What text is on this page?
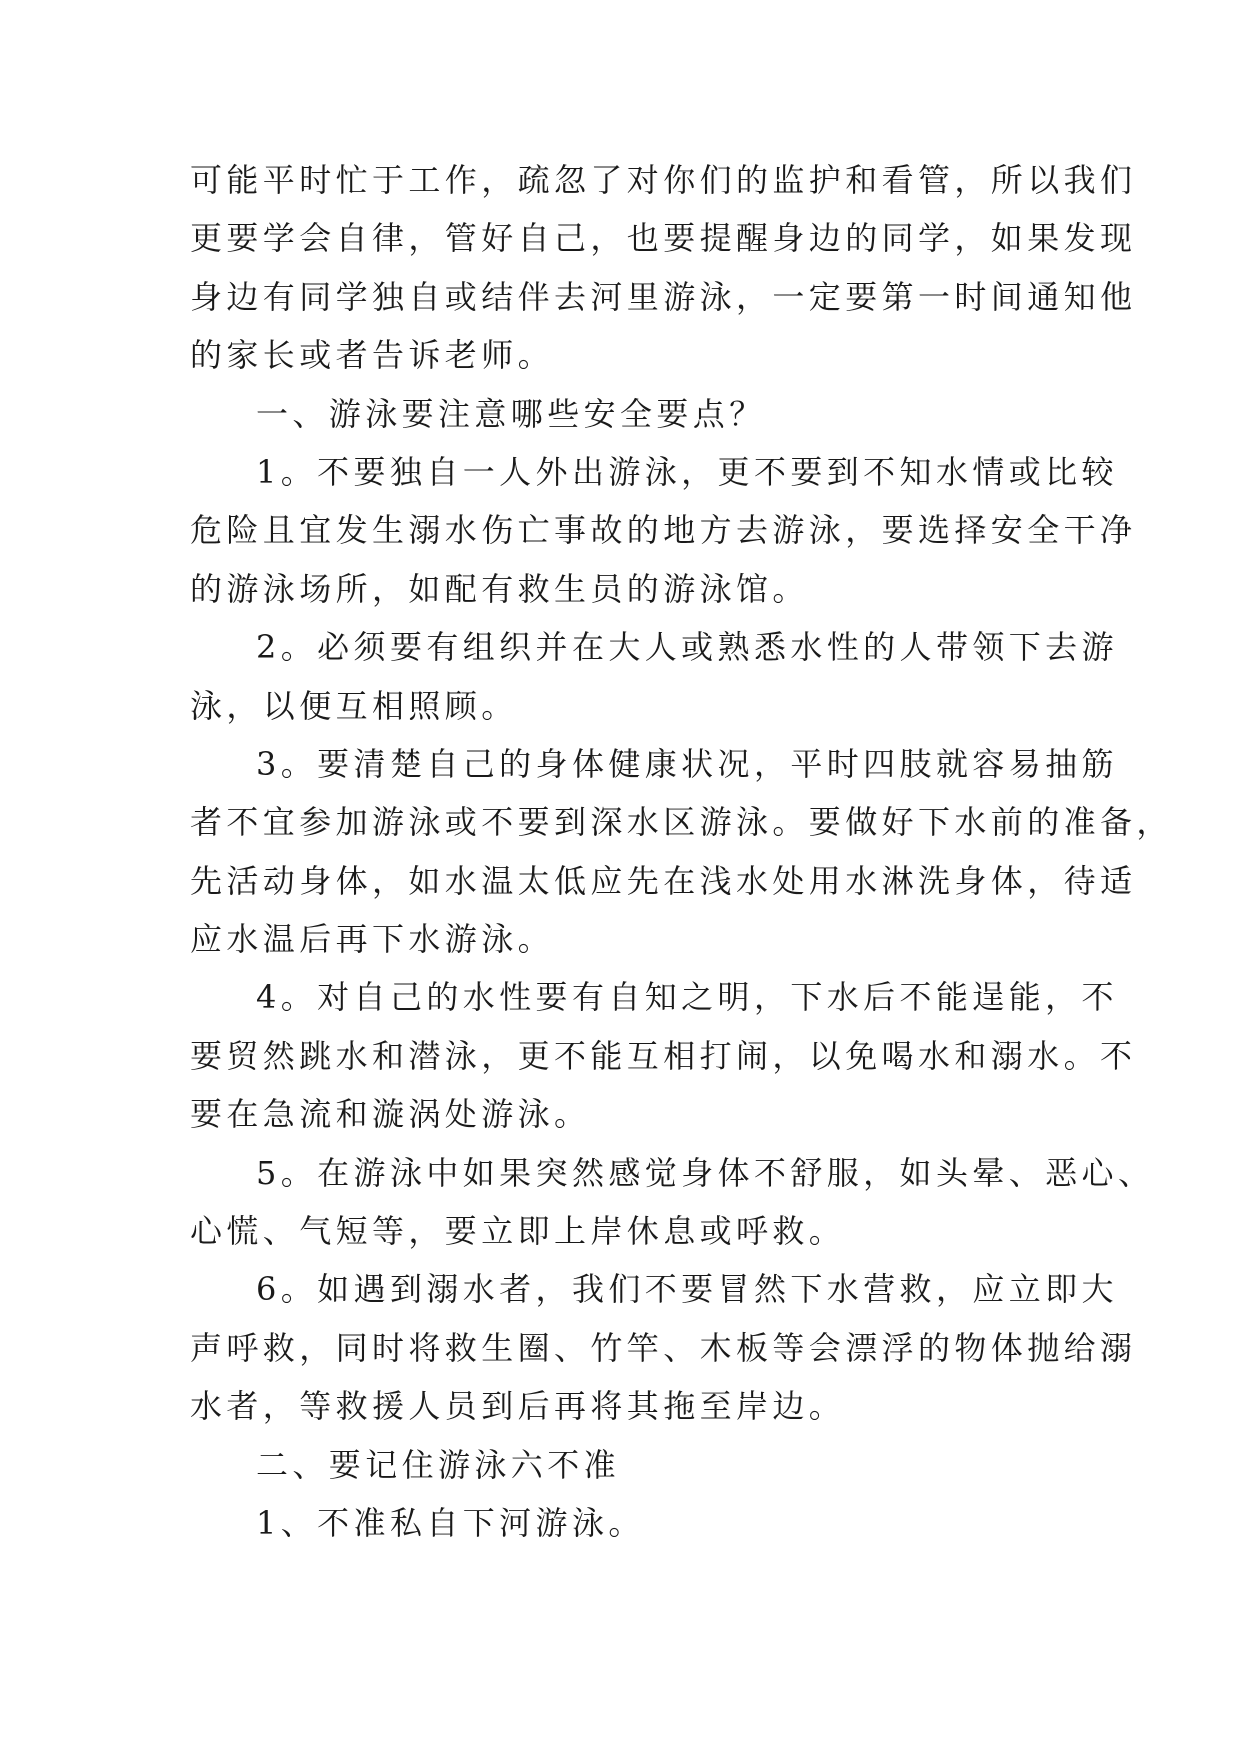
可能平时忙于工作，疏忽了对你们的监护和看管，所以我们
更要学会自律，管好自己，也要提醒身边的同学，如果发现
身边有同学独自或结伴去河里游泳，一定要第一时间通知他
的家长或者告诉老师。
一、游泳要注意哪些安全要点？
1。不要独自一人外出游泳，更不要到不知水情或比较
危险且宜发生溺水伤亡事故的地方去游泳，要选择安全干净
的游泳场所，如配有救生员的游泳馆。
2。必须要有组织并在大人或熟悉水性的人带领下去游
泳，以便互相照顾。
3。要清楚自己的身体健康状况，平时四肢就容易抽筋
者不宜参加游泳或不要到深水区游泳。要做好下水前的准备，
先活动身体，如水温太低应先在浅水处用水淋洗身体，待适
应水温后再下水游泳。
4。对自己的水性要有自知之明，下水后不能逞能，不
要贸然跳水和潜泳，更不能互相打闹，以免喝水和溺水。不
要在急流和漩涡处游泳。
5。在游泳中如果突然感觉身体不舒服，如头晕、恶心、
心慌、气短等，要立即上岸休息或呼救。
6。如遇到溺水者，我们不要冒然下水营救，应立即大
声呼救，同时将救生圈、竹竿、木板等会漂浮的物体抛给溺
水者，等救援人员到后再将其拖至岸边。
二、要记住游泳六不准
1、不准私自下河游泳。
